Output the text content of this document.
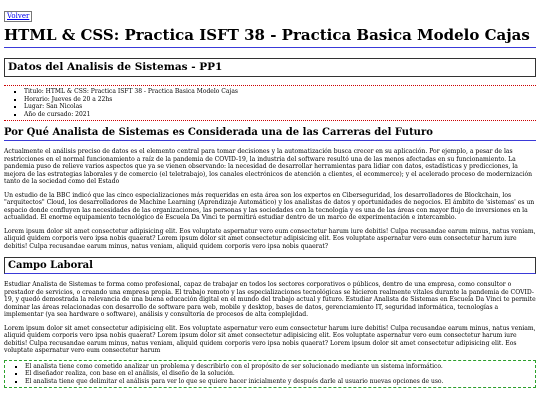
Volver
HTML & CSS: Practica ISFT 38 - Practica Basica Modelo Cajas
Datos del Analisis de Sistemas - PP1
▪ Titulo: HTML & CSS: Practica ISFT 38 - Practica Basica Modelo Cajas
▪ Horario: Jueves de 20 a 22hs
▪ Lugar: San Nicolas
▪ Año de cursado: 2021
Por Qué Analista de Sistemas es Considerada una de las Carreras del Futuro

Actualmente el análisis preciso de datos es el elemento central para tomar decisiones y la automatización busca crecer en su aplicación. Por ejemplo, a pesar de las restricciones en el normal funcionamiento a raíz de la pandemia de COVID-19, la industria del software resultó una de las menos afectadas en su funcionamiento. La pandemia puso de relieve varios aspectos que ya se vienen observando: la necesidad de desarrollar herramientas para lidiar con datos, estadísticas y predicciones, la mejora de las estrategias laborales y de comercio (el teletrabajo), los canales electrónicos de atención a clientes, el ecommerce); y el acelerado proceso de modernización tanto de la sociedad como del Estado

Un estudio de la BBC indicó que las cinco especializaciones más requeridas en esta área son los expertos en Ciberseguridad, los desarrolladores de Blockchain, los "arquitectos" Cloud, los desarrolladores de Machine Learning (Aprendizaje Automático) y los analistas de datos y oportunidades de negocios. El ámbito de 'sistemas' es un espacio donde confluyen las necesidades de las organizaciones, las personas y las sociedades con la tecnología y es una de las áreas con mayor flujo de inversiones en la actualidad. El enorme equipamiento tecnológico de Escuela Da Vinci te permitirá estudiar dentro de un marco de experimentación e intercambio.

Lorem ipsum dolor sit amet consectetur adipisicing elit. Eos voluptate aspernatur vero eum consectetur harum iure debitis! Culpa recusandae earum minus, natus veniam, aliquid quidem corporis vero ipsa nobis quaerat? Lorem ipsum dolor sit amet consectetur adipisicing elit. Eos voluptate aspernatur vero eum consectetur harum iure debitis! Culpa recusandae earum minus, natus veniam, aliquid quidem corporis vero ipsa nobis quaerat?

Campo Laboral

Estudiar Analista de Sistemas te forma como profesional, capaz de trabajar en todos los sectores corporativos o públicos, dentro de una empresa, como consultor o prestador de servicios, o creando una empresa propia. El trabajo remoto y las especializaciones tecnológicas se hicieron realmente vitales durante la pandemia de COVID-19, y quedó demostrada la relevancia de una buena educación digital en el mundo del trabajo actual y futuro. Estudiar Analista de Sistemas en Escuela Da Vinci te permite dominar las áreas relacionadas con desarrollo de software para web, mobile y desktop, bases de datos, gerenciamiento IT, seguridad informática, tecnologías a implementar (ya sea hardware o software), análisis y consultoría de procesos de alta complejidad.

Lorem ipsum dolor sit amet consectetur adipisicing elit. Eos voluptate aspernatur vero eum consectetur harum iure debitis! Culpa recusandae earum minus, natus veniam, aliquid quidem corporis vero ipsa nobis quaerat? Lorem ipsum dolor sit amet consectetur adipisicing elit. Eos voluptate aspernatur vero eum consectetur harum iure debitis! Culpa recusandae earum minus, natus veniam, aliquid quidem corporis vero ipsa nobis quaerat? Lorem ipsum dolor sit amet consectetur adipisicing elit. Eos voluptate aspernatur vero eum consectetur harum

▪ El analista tiene como cometido analizar un problema y describirlo con el propósito de ser solucionado mediante un sistema informático.
▪ El diseñador realiza, con base en el análisis, el diseño de la solución.
▪ El analista tiene que delimitar el análisis para ver lo que se quiere hacer inicialmente y después darle al usuario nuevas opciones de uso.
